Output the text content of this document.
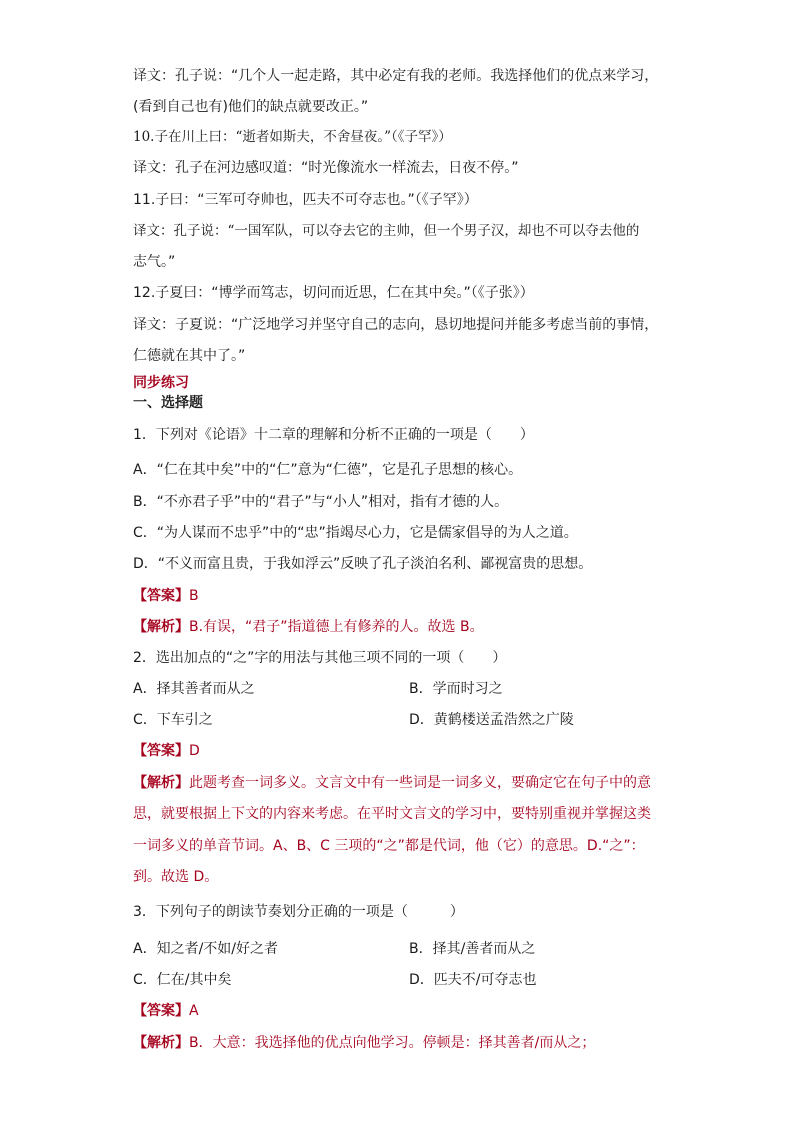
译文：孔子说：“几个人一起走路，其中必定有我的老师。我选择他们的优点来学习，
(看到自己也有)他们的缺点就要改正。”
10.子在川上曰：“逝者如斯夫，不舍昼夜。”（《子罕》）
译文：孔子在河边感叹道：“时光像流水一样流去，日夜不停。”
11.子曰：“三军可夺帅也，匹夫不可夺志也。”（《子罕》）
译文：孔子说：“一国军队，可以夺去它的主帅，但一个男子汉，却也不可以夺去他的
志气。”
12.子夏曰：“博学而笃志，切问而近思，仁在其中矣。”（《子张》）
译文：子夏说：“广泛地学习并坚守自己的志向，恳切地提问并能多考虑当前的事情，
仁德就在其中了。”
同步练习
一、选择题
1．下列对《论语》十二章的理解和分析不正确的一项是（　　）
A．“仁在其中矣”中的“仁”意为“仁德”，它是孔子思想的核心。
B．“不亦君子乎”中的“君子”与“小人”相对，指有才德的人。
C．“为人谋而不忠乎”中的“忠”指竭尽心力，它是儒家倡导的为人之道。
D．“不义而富且贵，于我如浮云”反映了孔子淡泊名利、鄙视富贵的思想。
【答案】B
【解析】B.有误，“君子”指道德上有修养的人。故选 B。
2．选出加点的“之”字的用法与其他三项不同的一项（　　）
A．择其善者而从之	B．学而时习之
C．下车引之	D．黄鹤楼送孟浩然之广陵
【答案】D
【解析】此题考查一词多义。文言文中有一些词是一词多义，要确定它在句子中的意
思，就要根据上下文的内容来考虑。在平时文言文的学习中，要特别重视并掌握这类
一词多义的单音节词。A、B、C 三项的“之”都是代词，他（它）的意思。D.“之”：
到。故选 D。
3．下列句子的朗读节奏划分正确的一项是（　　　）
A．知之者/不如/好之者	B．择其/善者而从之
C．仁在/其中矣	D．匹夫不/可夺志也
【答案】A
【解析】B．大意：我选择他的优点向他学习。停顿是：择其善者/而从之；
